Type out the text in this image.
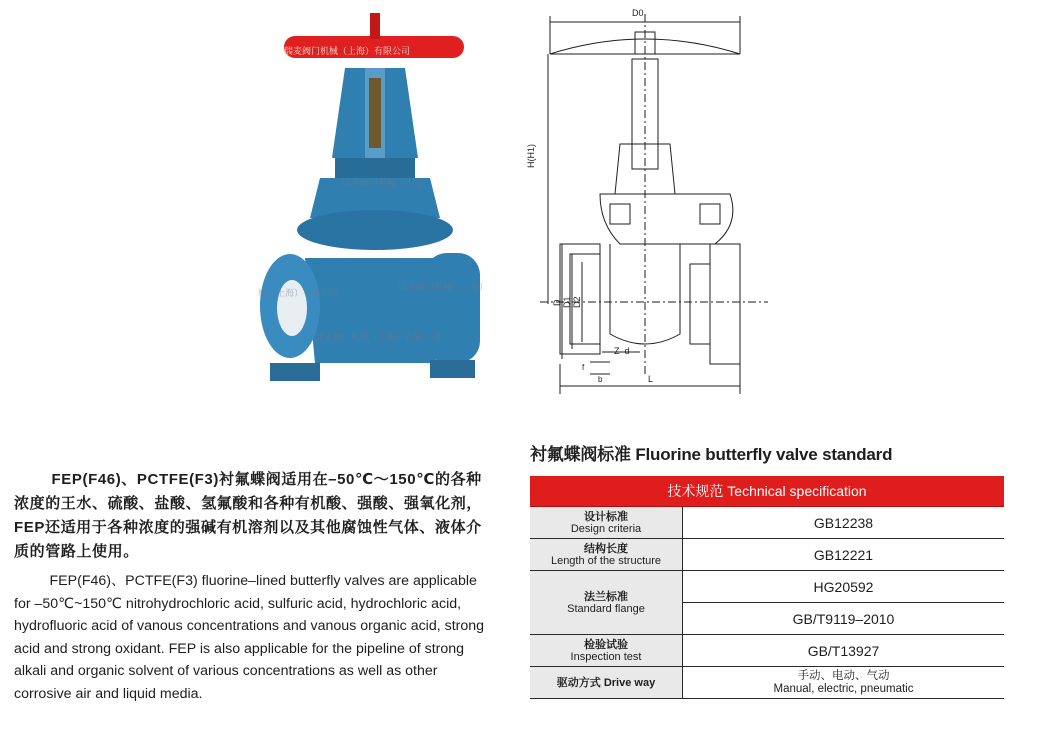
瑞麦阀门机械（上海）有限公司
瑞麦阀门机械（上海）
械（上海）有限公司
瑞麦阀门机械（上海）
瑞麦阀门机械（上海）有限公司
D0
H(H1)
D D1 D2
Z–d
f
b	L
FEP(F46)、PCTFE(F3)衬氟蝶阀适用在–50℃～150℃的各种浓度的王水、硫酸、盐酸、氢氟酸和各种有机酸、强酸、强氧化剂，FEP还适用于各种浓度的强碱有机溶剂以及其他腐蚀性气体、液体介质的管路上使用。
FEP(F46)、PCTFE(F3) fluorine–lined butterfly valves are applicable for –50℃~150℃ nitrohydrochloric acid, sulfuric acid, hydrochloric acid, hydrofluoric acid of vanous concentrations and vanous organic acid, strong acid and strong oxidant. FEP is also applicable for the pipeline of strong alkali and organic solvent of various concentrations as well as other corrosive air and liquid media.
衬氟蝶阀标准 Fluorine butterfly valve standard
技术规范 Technical specification	

设计标准
Design criteria	GB12238

结构长度
Length of the structure	GB12221

法兰标准
Standard flange	HG20592
	GB/T9119–2010

检验试验
Inspection test	GB/T13927

驱动方式 Drive way	手动、电动、气动
Manual, electric, pneumatic
